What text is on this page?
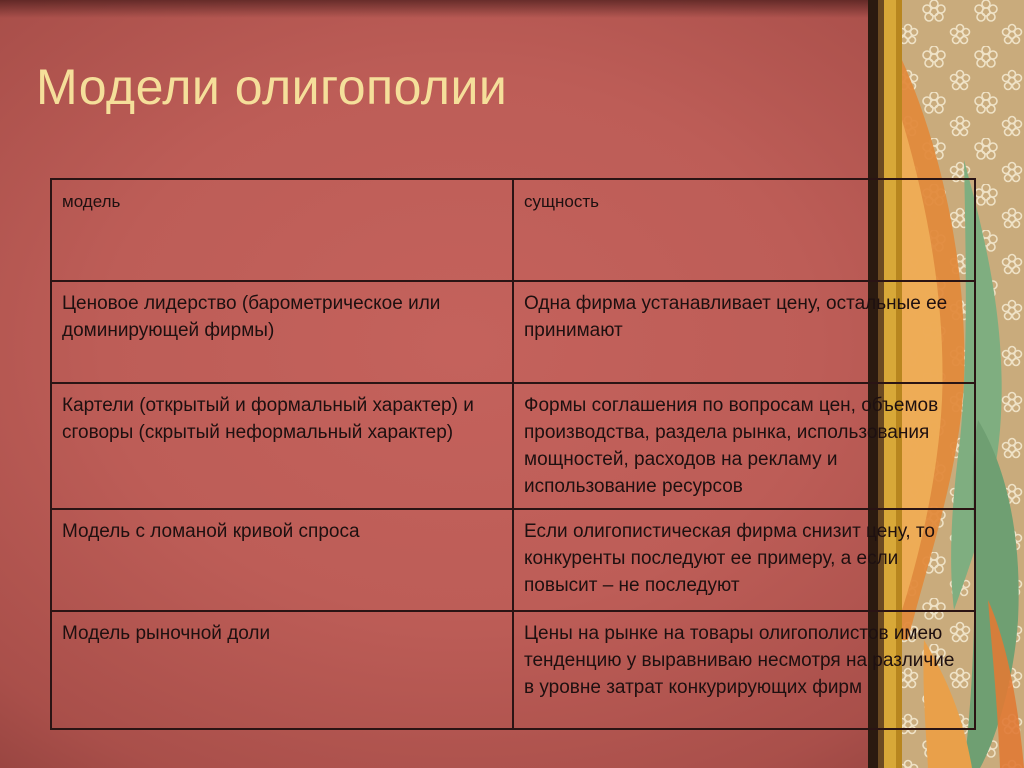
Модели олигополии
модель	сущность
Ценовое лидерство (барометрическое или доминирующей фирмы)	Одна фирма устанавливает цену, остальные ее принимают
Картели (открытый и формальный характер) и сговоры (скрытый неформальный характер)	Формы соглашения по вопросам цен, объемов производства, раздела рынка, использования мощностей, расходов на рекламу и использование ресурсов
Модель с ломаной кривой спроса	Если олигопистическая фирма снизит цену, то конкуренты последуют ее примеру, а если повысит – не последуют
Модель рыночной доли	Цены на рынке на товары олигополистов имею тенденцию у выравниваю несмотря на различие в уровне затрат конкурирующих фирм
